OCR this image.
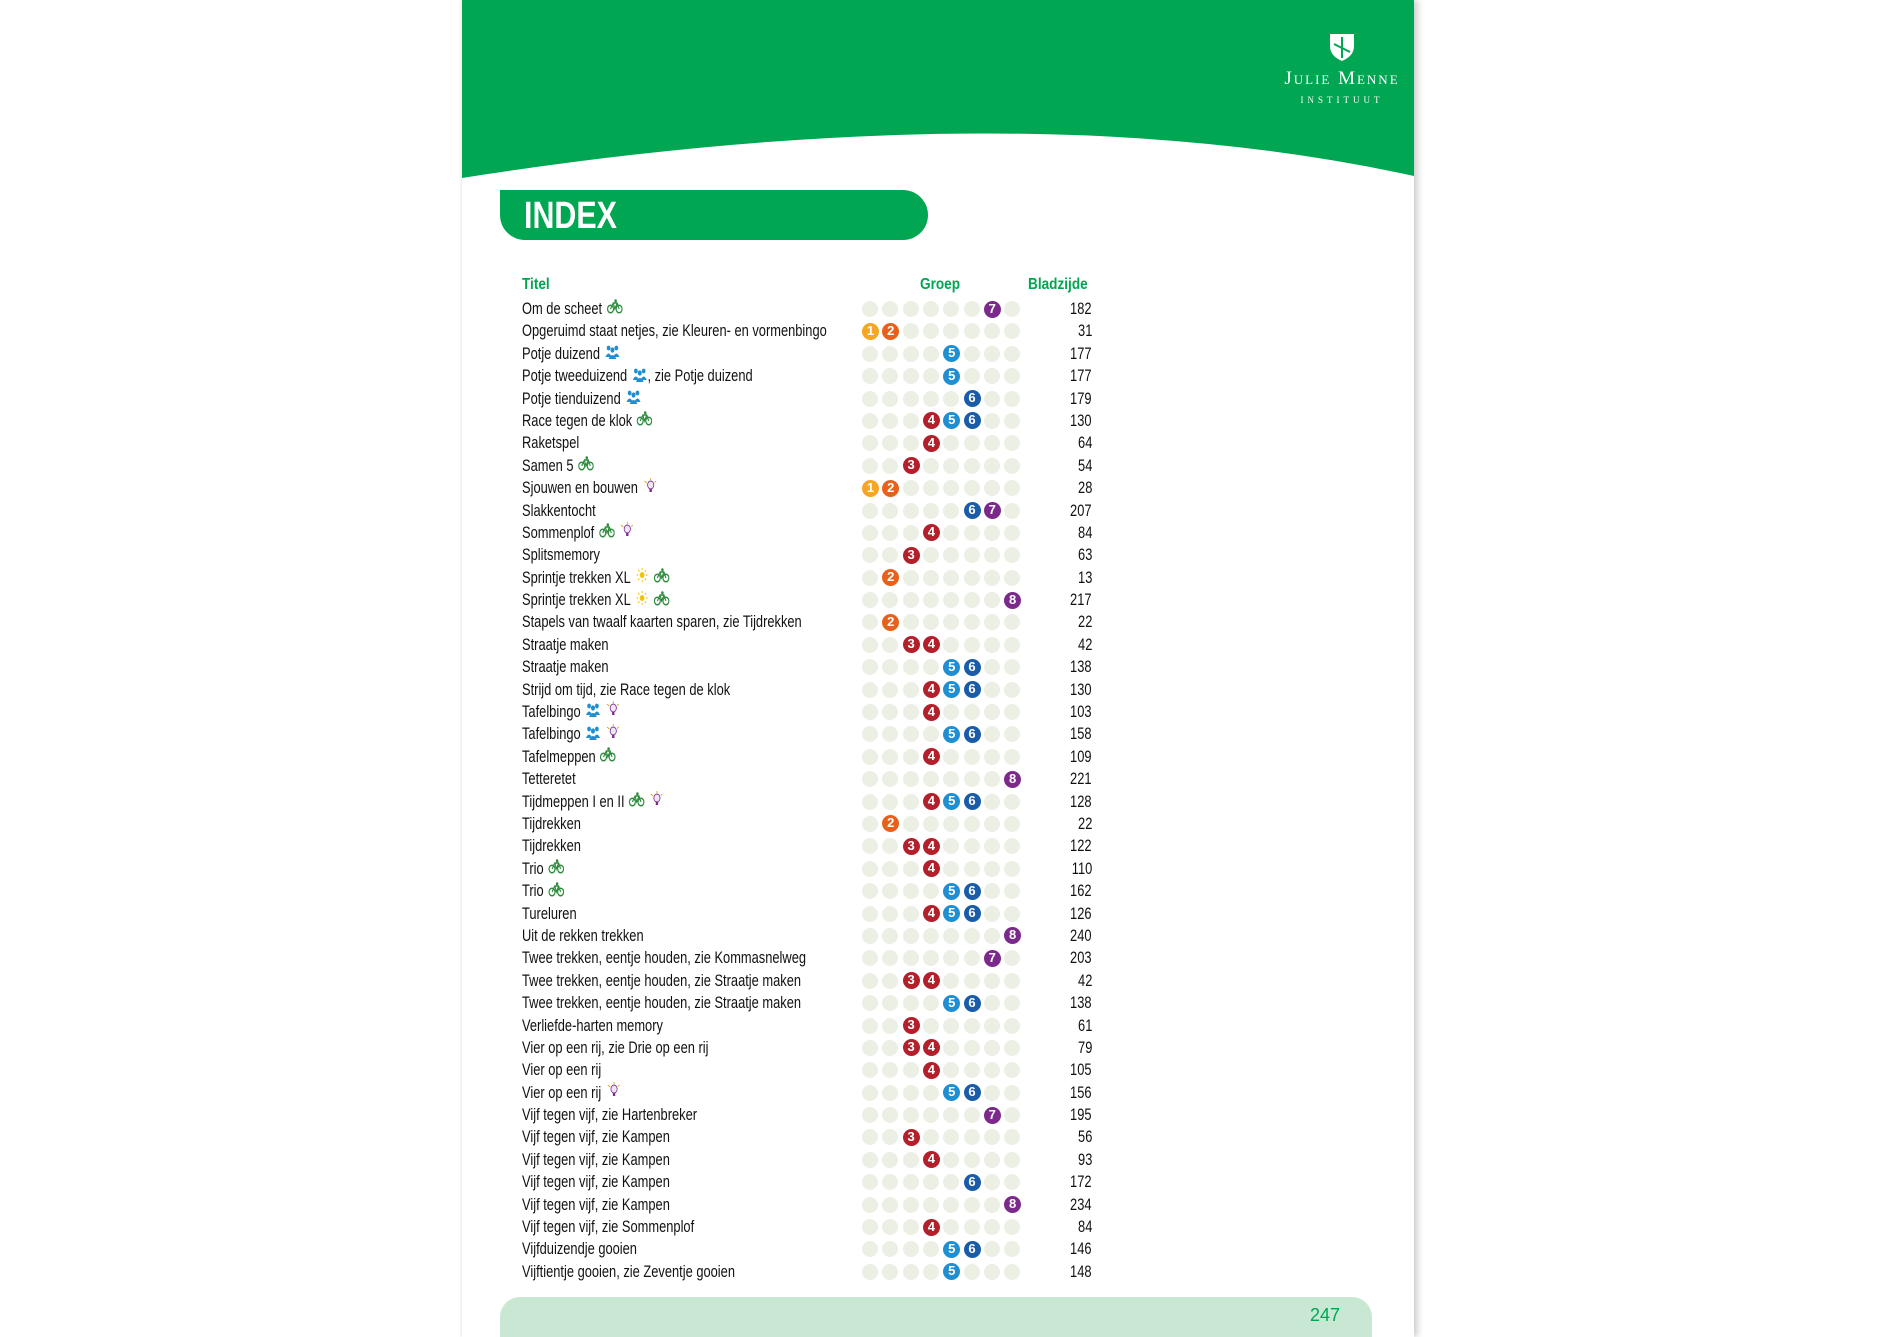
Julie Menne
INSTITUUT
INDEX
Titel	Groep	Bladzijde
Om de scheet	7	182
Opgeruimd staat netjes, zie Kleuren- en vormenbingo	1	2	31
Potje duizend	5	177
Potje tweeduizend , zie Potje duizend	5	177
Potje tienduizend	6	179
Race tegen de klok	4	5	6	130
Raketspel	4	64
Samen 5	3	54
Sjouwen en bouwen	1	2	28
Slakkentocht	6	7	207
Sommenplof	4	84
Splitsmemory	3	63
Sprintje trekken XL	2	13
Sprintje trekken XL	8	217
Stapels van twaalf kaarten sparen, zie Tijdrekken	2	22
Straatje maken	3	4	42
Straatje maken	5	6	138
Strijd om tijd, zie Race tegen de klok	4	5	6	130
Tafelbingo	4	103
Tafelbingo	5	6	158
Tafelmeppen	4	109
Tetteretet	8	221
Tijdmeppen I en II	4	5	6	128
Tijdrekken	2	22
Tijdrekken	3	4	122
Trio	4	110
Trio	5	6	162
Tureluren	4	5	6	126
Uit de rekken trekken	8	240
Twee trekken, eentje houden, zie Kommasnelweg	7	203
Twee trekken, eentje houden, zie Straatje maken	3	4	42
Twee trekken, eentje houden, zie Straatje maken	5	6	138
Verliefde-harten memory	3	61
Vier op een rij, zie Drie op een rij	3	4	79
Vier op een rij	4	105
Vier op een rij	5	6	156
Vijf tegen vijf, zie Hartenbreker	7	195
Vijf tegen vijf, zie Kampen	3	56
Vijf tegen vijf, zie Kampen	4	93
Vijf tegen vijf, zie Kampen	6	172
Vijf tegen vijf, zie Kampen	8	234
Vijf tegen vijf, zie Sommenplof	4	84
Vijfduizendje gooien	5	6	146
Vijftientje gooien, zie Zeventje gooien	5	148
247
